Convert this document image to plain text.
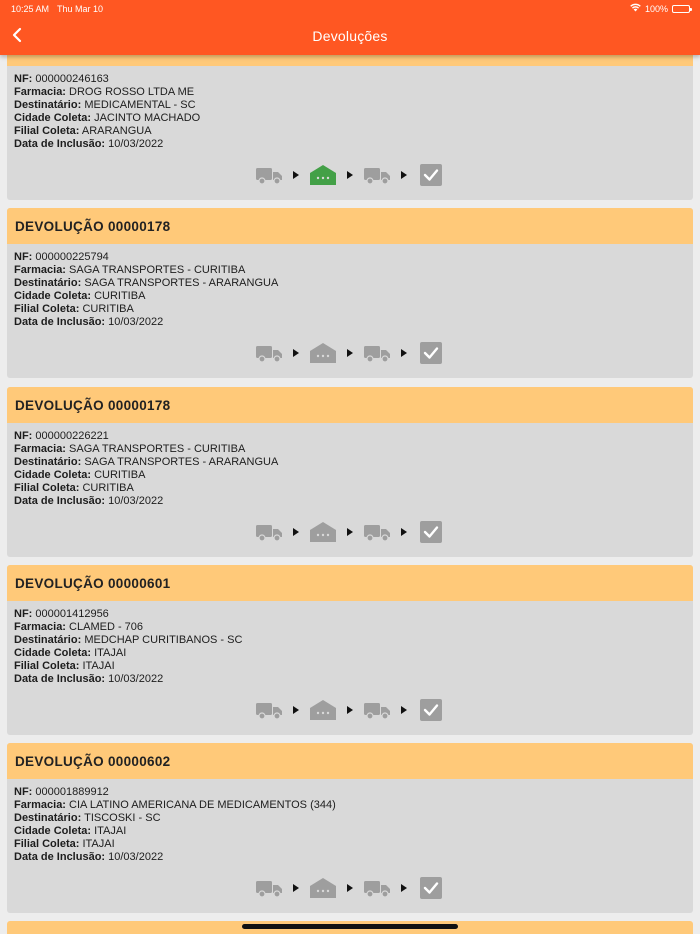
NF: 000000246163
Farmacia: DROG ROSSO LTDA ME
Destinatário: MEDICAMENTAL - SC
Cidade Coleta: JACINTO MACHADO
Filial Coleta: ARARANGUA
Data de Inclusão: 10/03/2022
DEVOLUÇÃO 00000178
NF: 000000225794
Farmacia: SAGA TRANSPORTES - CURITIBA
Destinatário: SAGA TRANSPORTES - ARARANGUA
Cidade Coleta: CURITIBA
Filial Coleta: CURITIBA
Data de Inclusão: 10/03/2022
DEVOLUÇÃO 00000178
NF: 000000226221
Farmacia: SAGA TRANSPORTES - CURITIBA
Destinatário: SAGA TRANSPORTES - ARARANGUA
Cidade Coleta: CURITIBA
Filial Coleta: CURITIBA
Data de Inclusão: 10/03/2022
DEVOLUÇÃO 00000601
NF: 000001412956
Farmacia: CLAMED - 706
Destinatário: MEDCHAP CURITIBANOS - SC
Cidade Coleta: ITAJAI
Filial Coleta: ITAJAI
Data de Inclusão: 10/03/2022
DEVOLUÇÃO 00000602
NF: 000001889912
Farmacia: CIA LATINO AMERICANA DE MEDICAMENTOS (344)
Destinatário: TISCOSKI - SC
Cidade Coleta: ITAJAI
Filial Coleta: ITAJAI
Data de Inclusão: 10/03/2022
10:25 AM Thu Mar 10	100%
Devoluções
